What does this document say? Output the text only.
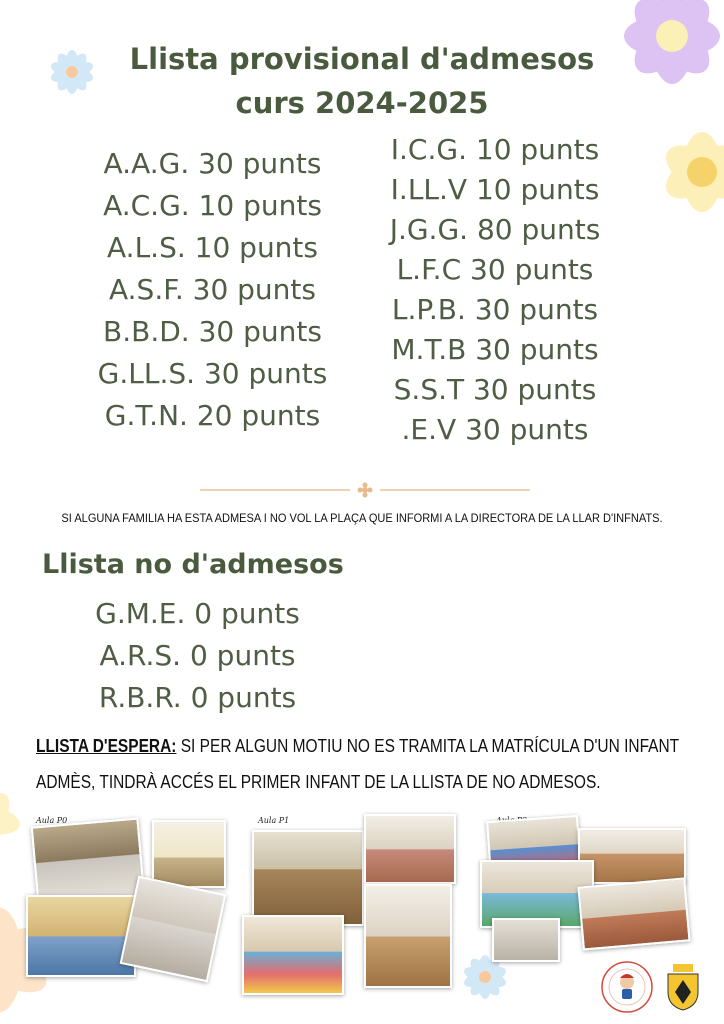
Llista provisional d'admesos
curs 2024-2025
A.A.G. 30 punts
A.C.G. 10 punts
A.L.S. 10 punts
A.S.F. 30 punts
B.B.D. 30 punts
G.LL.S. 30 punts
G.T.N. 20 punts
I.C.G. 10 punts
I.LL.V 10 punts
J.G.G. 80 punts
L.F.C 30 punts
L.P.B. 30 punts
M.T.B 30 punts
S.S.T 30 punts
.E.V 30 punts
SI ALGUNA FAMILIA HA ESTA ADMESA I NO VOL LA PLAÇA QUE INFORMI A LA DIRECTORA DE LA LLAR D'INFNATS.
Llista no d'admesos
G.M.E. 0 punts
A.R.S. 0 punts
R.B.R. 0 punts
LLISTA D'ESPERA: SI PER ALGUN MOTIU NO ES TRAMITA LA MATRÍCULA D'UN INFANT
ADMÈS, TINDRÀ ACCÉS EL PRIMER INFANT DE LA LLISTA DE NO ADMESOS.
Aula P0	Aula P1
